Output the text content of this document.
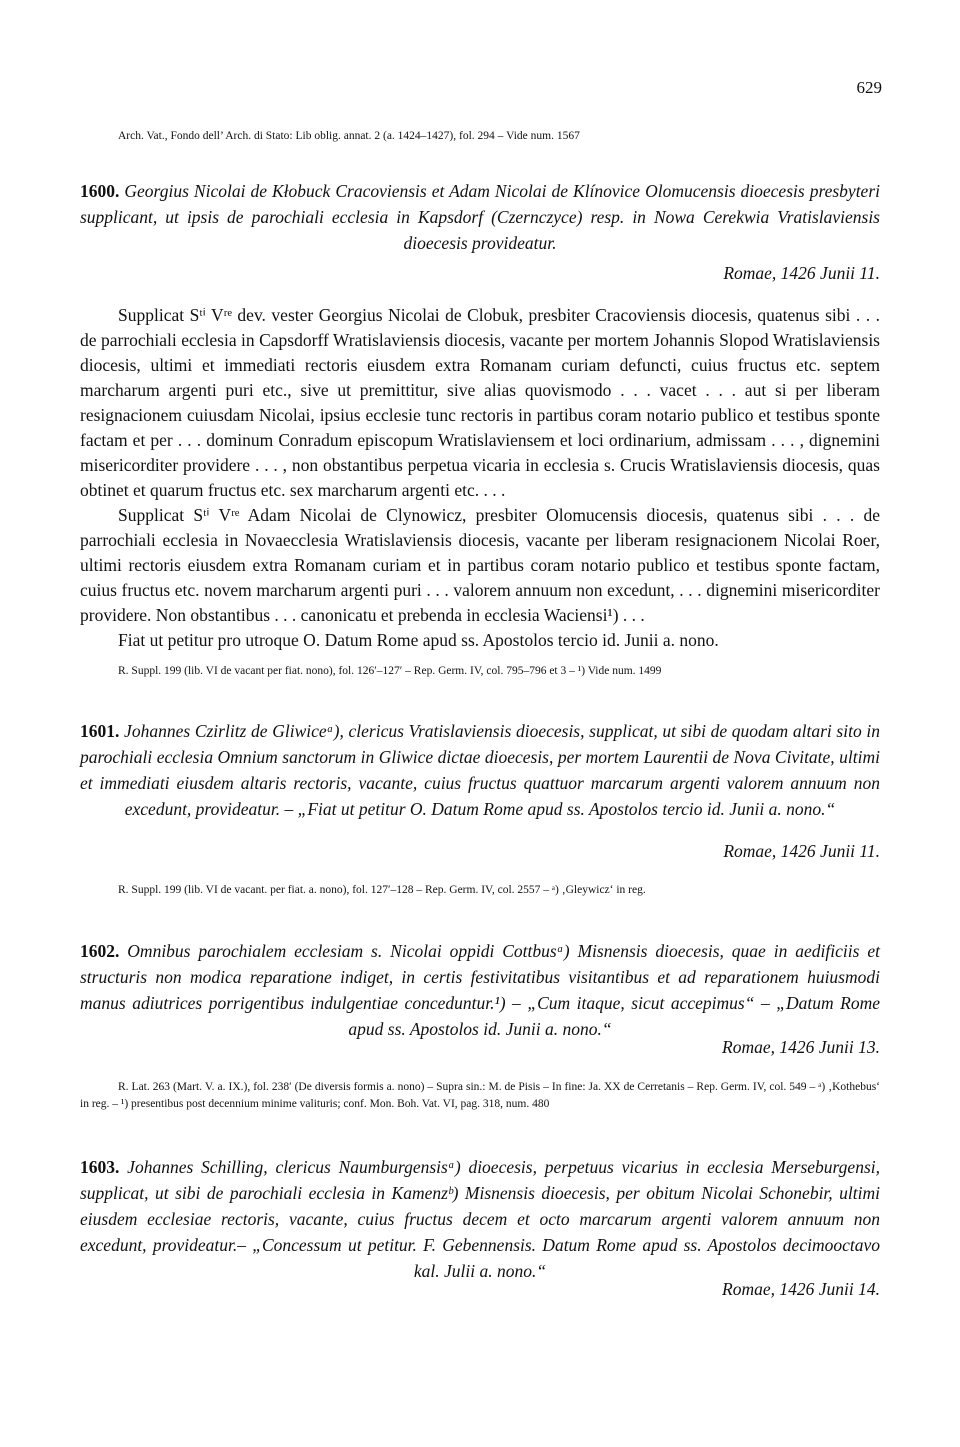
629
Arch. Vat., Fondo dell’ Arch. di Stato: Lib oblig. annat. 2 (a. 1424–1427), fol. 294 – Vide num. 1567
1600. Georgius Nicolai de Kłobuck Cracoviensis et Adam Nicolai de Klínovice Olomucensis dioecesis presbyteri supplicant, ut ipsis de parochiali ecclesia in Kapsdorf (Czernczyce) resp. in Nowa Cerekwia Vratislaviensis dioecesis provideatur.
Romae, 1426 Junii 11.

Supplicat Sᵗⁱ Vʳᵉ dev. vester Georgius Nicolai de Clobuk, presbiter Cracoviensis diocesis, quatenus sibi . . . de parrochiali ecclesia in Capsdorff Wratislaviensis diocesis, vacante per mortem Johannis Slopod Wratislaviensis diocesis, ultimi et immediati rectoris eiusdem extra Romanam curiam defuncti, cuius fructus etc. septem marcharum argenti puri etc., sive ut premittitur, sive alias quovismodo . . . vacet . . . aut si per liberam resignacionem cuiusdam Nicolai, ipsius ecclesie tunc rectoris in partibus coram notario publico et testibus sponte factam et per . . . dominum Conradum episcopum Wratislaviensem et loci ordinarium, admissam . . . , dignemini misericorditer providere . . . , non obstantibus perpetua vicaria in ecclesia s. Crucis Wratislaviensis diocesis, quas obtinet et quarum fructus etc. sex marcharum argenti etc. . . .

Supplicat Sᵗⁱ Vʳᵉ Adam Nicolai de Clynowicz, presbiter Olomucensis diocesis, quatenus sibi . . . de parrochiali ecclesia in Novaecclesia Wratislaviensis diocesis, vacante per liberam resignacionem Nicolai Roer, ultimi rectoris eiusdem extra Romanam curiam et in partibus coram notario publico et testibus sponte factam, cuius fructus etc. novem marcharum argenti puri . . . valorem annuum non excedunt, . . . dignemini misericorditer providere. Non obstantibus . . . canonicatu et prebenda in ecclesia Waciensi¹) . . .

Fiat ut petitur pro utroque O. Datum Rome apud ss. Apostolos tercio id. Junii a. nono.

R. Suppl. 199 (lib. VI de vacant per fiat. nono), fol. 126′–127′ – Rep. Germ. IV, col. 795–796 et 3 – ¹) Vide num. 1499
1601. Johannes Czirlitz de Gliwiceᵃ), clericus Vratislaviensis dioecesis, supplicat, ut sibi de quodam altari sito in parochiali ecclesia Omnium sanctorum in Gliwice dictae dioecesis, per mortem Laurentii de Nova Civitate, ultimi et immediati eiusdem altaris rectoris, vacante, cuius fructus quattuor marcarum argenti valorem annuum non excedunt, provideatur. – „Fiat ut petitur O. Datum Rome apud ss. Apostolos tercio id. Junii a. nono.“
Romae, 1426 Junii 11.
R. Suppl. 199 (lib. VI de vacant. per fiat. a. nono), fol. 127′–128 – Rep. Germ. IV, col. 2557 – ᵃ) ‚Gleywicz‘ in reg.
1602. Omnibus parochialem ecclesiam s. Nicolai oppidi Cottbusᵃ) Misnensis dioecesis, quae in aedificiis et structuris non modica reparatione indiget, in certis festivitatibus visitantibus et ad reparationem huiusmodi manus adiutrices porrigentibus indulgentiae conceduntur.¹) – „Cum itaque, sicut accepimus“ – „Datum Rome apud ss. Apostolos id. Junii a. nono.“
Romae, 1426 Junii 13.
R. Lat. 263 (Mart. V. a. IX.), fol. 238′ (De diversis formis a. nono) – Supra sin.: M. de Pisis – In fine: Ja. XX de Cerretanis – Rep. Germ. IV, col. 549 – ᵃ) ‚Kothebus‘ in reg. – ¹) presentibus post decennium minime valituris; conf. Mon. Boh. Vat. VI, pag. 318, num. 480
1603. Johannes Schilling, clericus Naumburgensisᵃ) dioecesis, perpetuus vicarius in ecclesia Merseburgensi, supplicat, ut sibi de parochiali ecclesia in Kamenzᵇ) Misnensis dioecesis, per obitum Nicolai Schonebir, ultimi eiusdem ecclesiae rectoris, vacante, cuius fructus decem et octo marcarum argenti valorem annuum non excedunt, provideatur.– „Concessum ut petitur. F. Gebennensis. Datum Rome apud ss. Apostolos decimooctavo kal. Julii a. nono.“
Romae, 1426 Junii 14.
